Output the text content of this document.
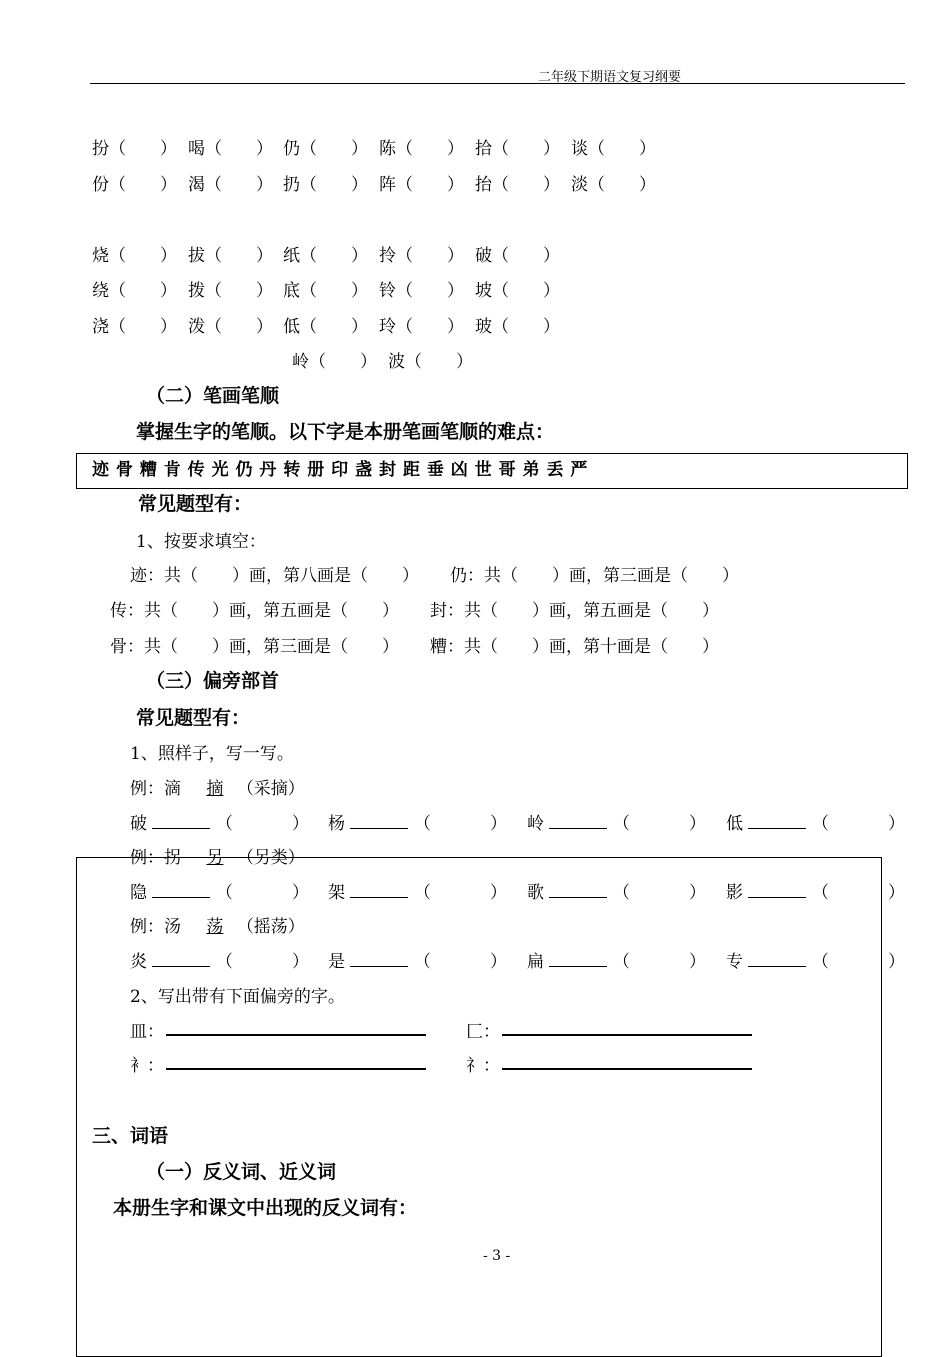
二年级下期语文复习纲要
扮（　　） 喝（　　） 仍（　　） 陈（　　） 拾（　　） 谈（　　）
份（　　） 渴（　　） 扔（　　） 阵（　　） 抬（　　） 淡（　　）
烧（　　） 拔（　　） 纸（　　） 拎（　　） 破（　　）
绕（　　） 拨（　　） 底（　　） 铃（　　） 坡（　　）
浇（　　） 泼（　　） 低（　　） 玲（　　） 玻（　　）
岭（　　） 波（　　）
（二）笔画笔顺
掌握生字的笔顺。以下字是本册笔画笔顺的难点：
迹 骨 糟 肯 传 光 仍 丹 转 册 印 盏 封 距 垂 凶 世 哥 弟 丢 严
常见题型有：
1、按要求填空：
迹：共（　　）画，第八画是（　　） 仍：共（　　）画，第三画是（　　）
传：共（　　）画，第五画是（　　） 封：共（　　）画，第五画是（　　）
骨：共（　　）画，第三画是（　　） 糟：共（　　）画，第十画是（　　）
（三）偏旁部首
常见题型有：
1、照样子，写一写。
例：滴 摘 （采摘）
破	（	） 杨	（	） 岭	（	） 低	（	）
例：拐 另 （另类）
隐	（	） 架	（	） 歌	（	） 影	（	）
例：汤 荡 （摇荡）
炎	（	） 是	（	） 扁	（	） 专	（	）
2、写出带有下面偏旁的字。
皿：	匚：
衤：	礻：
三、词语
（一）反义词、近义词
本册生字和课文中出现的反义词有：
- 3 -
